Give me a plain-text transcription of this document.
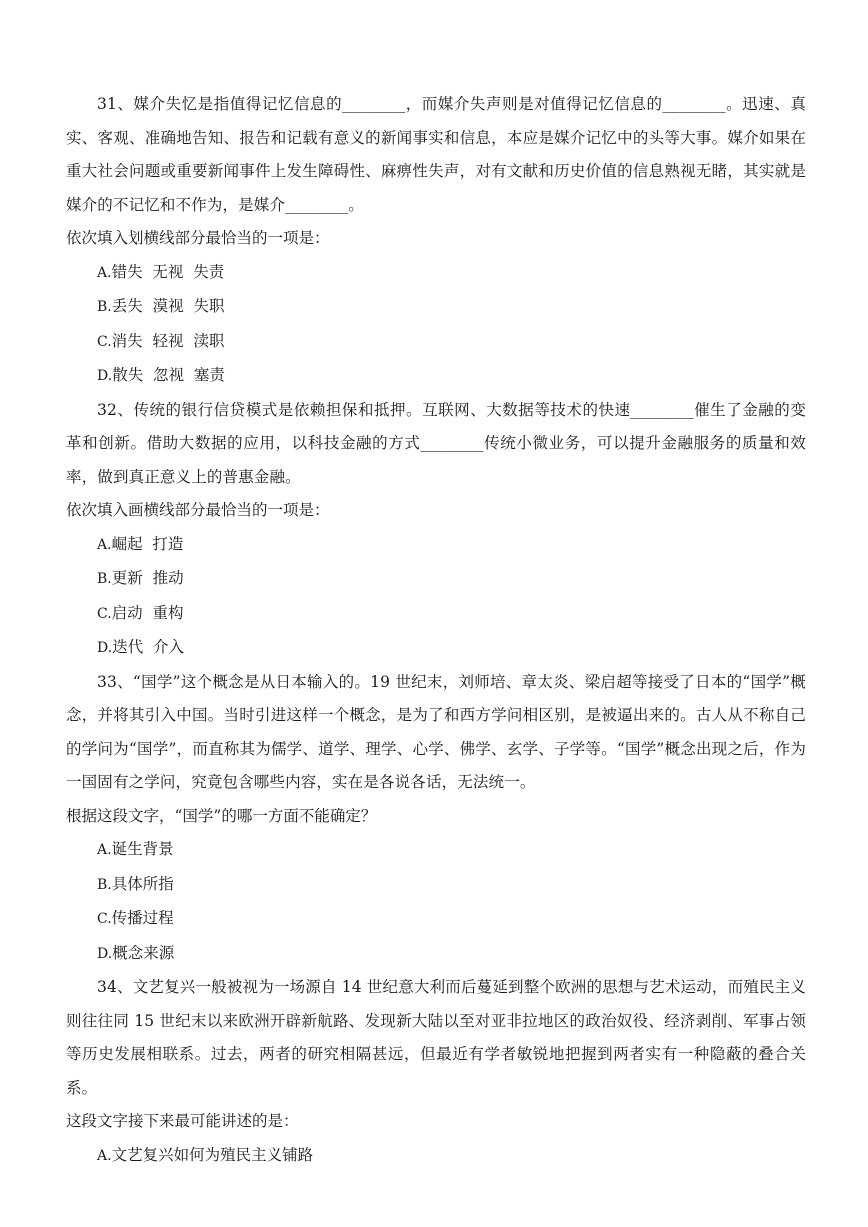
31、媒介失忆是指值得记忆信息的________，而媒介失声则是对值得记忆信息的________。迅速、真实、客观、准确地告知、报告和记载有意义的新闻事实和信息，本应是媒介记忆中的头等大事。媒介如果在重大社会问题或重要新闻事件上发生障碍性、麻痹性失声，对有文献和历史价值的信息熟视无睹，其实就是媒介的不记忆和不作为，是媒介________。

依次填入划横线部分最恰当的一项是：

A.错失  无视  失责
B.丢失  漠视  失职
C.消失  轻视  渎职
D.散失  忽视  塞责

32、传统的银行信贷模式是依赖担保和抵押。互联网、大数据等技术的快速________催生了金融的变革和创新。借助大数据的应用，以科技金融的方式________传统小微业务，可以提升金融服务的质量和效率，做到真正意义上的普惠金融。

依次填入画横线部分最恰当的一项是：

A.崛起  打造
B.更新  推动
C.启动  重构
D.迭代  介入

33、“国学”这个概念是从日本输入的。19 世纪末，刘师培、章太炎、梁启超等接受了日本的“国学”概念，并将其引入中国。当时引进这样一个概念，是为了和西方学问相区别，是被逼出来的。古人从不称自己的学问为“国学”，而直称其为儒学、道学、理学、心学、佛学、玄学、子学等。“国学”概念出现之后，作为一国固有之学问，究竟包含哪些内容，实在是各说各话，无法统一。

根据这段文字，“国学”的哪一方面不能确定？

A.诞生背景
B.具体所指
C.传播过程
D.概念来源

34、文艺复兴一般被视为一场源自 14 世纪意大利而后蔓延到整个欧洲的思想与艺术运动，而殖民主义则往往同 15 世纪末以来欧洲开辟新航路、发现新大陆以至对亚非拉地区的政治奴役、经济剥削、军事占领等历史发展相联系。过去，两者的研究相隔甚远，但最近有学者敏锐地把握到两者实有一种隐蔽的叠合关系。

这段文字接下来最可能讲述的是：

A.文艺复兴如何为殖民主义铺路
